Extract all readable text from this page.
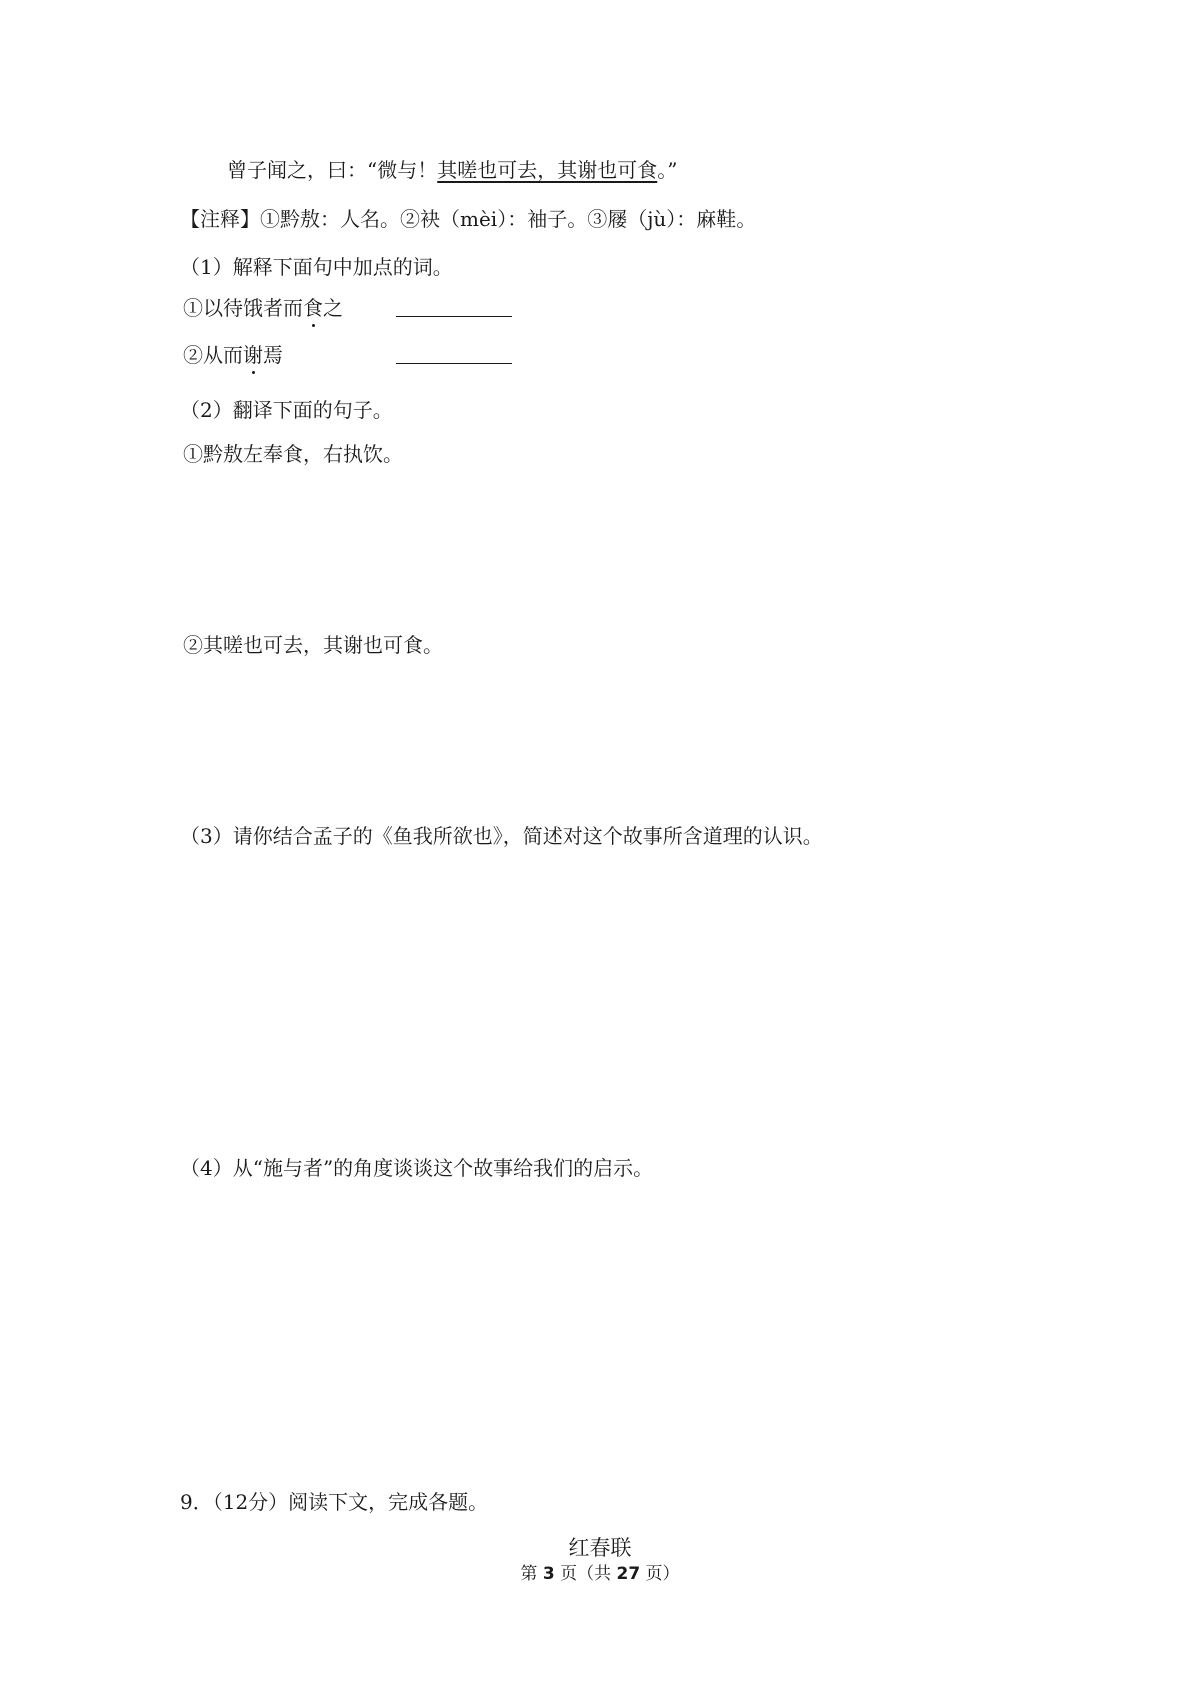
曾子闻之，曰：“微与！其嗟也可去，其谢也可食。”
【注释】①黔敖：人名。②袂（mèi）：袖子。③屦（jù）：麻鞋。
（1）解释下面句中加点的词。
①以待饿者而食之
②从而谢焉
（2）翻译下面的句子。
①黔敖左奉食，右执饮。
②其嗟也可去，其谢也可食。
（3）请你结合孟子的《鱼我所欲也》，简述对这个故事所含道理的认识。
（4）从“施与者”的角度谈谈这个故事给我们的启示。
9．（12分）阅读下文，完成各题。
红春联
第 3 页（共 27 页）
